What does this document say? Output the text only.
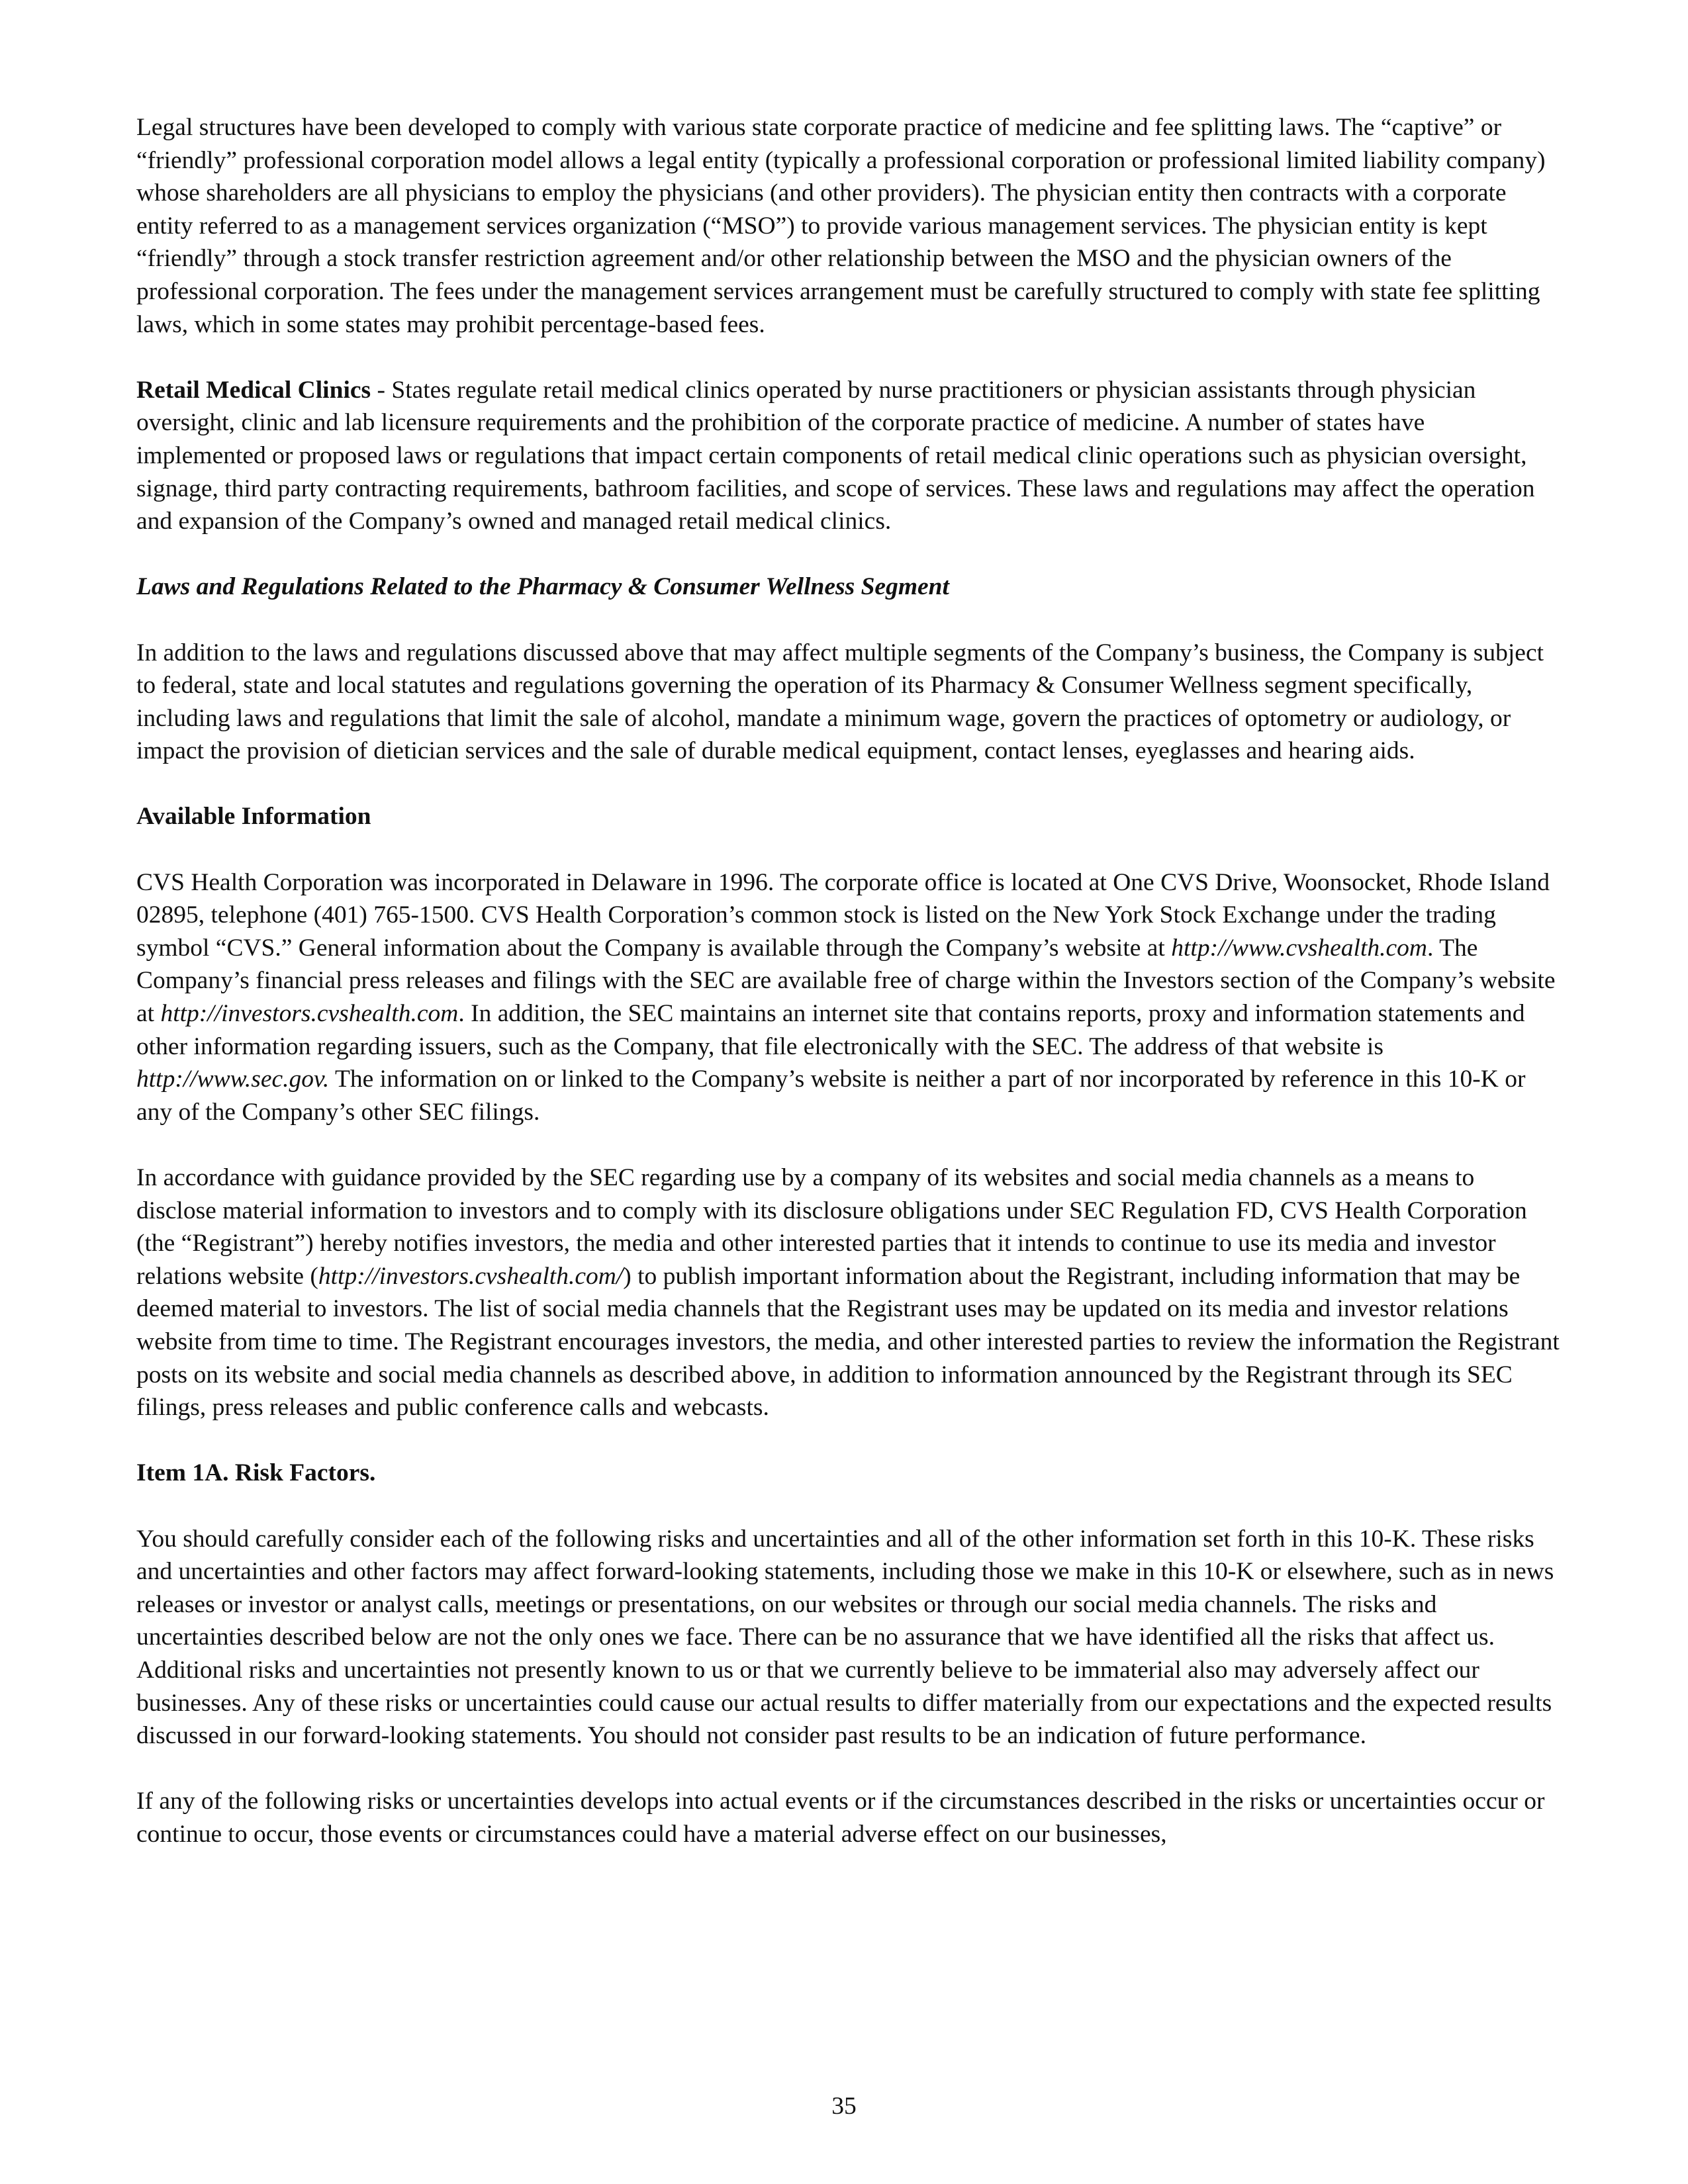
Legal structures have been developed to comply with various state corporate practice of medicine and fee splitting laws. The “captive” or “friendly” professional corporation model allows a legal entity (typically a professional corporation or professional limited liability company) whose shareholders are all physicians to employ the physicians (and other providers). The physician entity then contracts with a corporate entity referred to as a management services organization (“MSO”) to provide various management services. The physician entity is kept “friendly” through a stock transfer restriction agreement and/or other relationship between the MSO and the physician owners of the professional corporation. The fees under the management services arrangement must be carefully structured to comply with state fee splitting laws, which in some states may prohibit percentage-based fees.

Retail Medical Clinics - States regulate retail medical clinics operated by nurse practitioners or physician assistants through physician oversight, clinic and lab licensure requirements and the prohibition of the corporate practice of medicine. A number of states have implemented or proposed laws or regulations that impact certain components of retail medical clinic operations such as physician oversight, signage, third party contracting requirements, bathroom facilities, and scope of services. These laws and regulations may affect the operation and expansion of the Company’s owned and managed retail medical clinics.

Laws and Regulations Related to the Pharmacy & Consumer Wellness Segment

In addition to the laws and regulations discussed above that may affect multiple segments of the Company’s business, the Company is subject to federal, state and local statutes and regulations governing the operation of its Pharmacy & Consumer Wellness segment specifically, including laws and regulations that limit the sale of alcohol, mandate a minimum wage, govern the practices of optometry or audiology, or impact the provision of dietician services and the sale of durable medical equipment, contact lenses, eyeglasses and hearing aids.

Available Information

CVS Health Corporation was incorporated in Delaware in 1996. The corporate office is located at One CVS Drive, Woonsocket, Rhode Island 02895, telephone (401) 765-1500. CVS Health Corporation’s common stock is listed on the New York Stock Exchange under the trading symbol “CVS.” General information about the Company is available through the Company’s website at http://www.cvshealth.com. The Company’s financial press releases and filings with the SEC are available free of charge within the Investors section of the Company’s website at http://investors.cvshealth.com. In addition, the SEC maintains an internet site that contains reports, proxy and information statements and other information regarding issuers, such as the Company, that file electronically with the SEC. The address of that website is http://www.sec.gov. The information on or linked to the Company’s website is neither a part of nor incorporated by reference in this 10-K or any of the Company’s other SEC filings.

In accordance with guidance provided by the SEC regarding use by a company of its websites and social media channels as a means to disclose material information to investors and to comply with its disclosure obligations under SEC Regulation FD, CVS Health Corporation (the “Registrant”) hereby notifies investors, the media and other interested parties that it intends to continue to use its media and investor relations website (http://investors.cvshealth.com/) to publish important information about the Registrant, including information that may be deemed material to investors. The list of social media channels that the Registrant uses may be updated on its media and investor relations website from time to time. The Registrant encourages investors, the media, and other interested parties to review the information the Registrant posts on its website and social media channels as described above, in addition to information announced by the Registrant through its SEC filings, press releases and public conference calls and webcasts.

Item 1A. Risk Factors.

You should carefully consider each of the following risks and uncertainties and all of the other information set forth in this 10-K. These risks and uncertainties and other factors may affect forward-looking statements, including those we make in this 10-K or elsewhere, such as in news releases or investor or analyst calls, meetings or presentations, on our websites or through our social media channels. The risks and uncertainties described below are not the only ones we face. There can be no assurance that we have identified all the risks that affect us. Additional risks and uncertainties not presently known to us or that we currently believe to be immaterial also may adversely affect our businesses. Any of these risks or uncertainties could cause our actual results to differ materially from our expectations and the expected results discussed in our forward-looking statements. You should not consider past results to be an indication of future performance.

If any of the following risks or uncertainties develops into actual events or if the circumstances described in the risks or uncertainties occur or continue to occur, those events or circumstances could have a material adverse effect on our businesses,

35
